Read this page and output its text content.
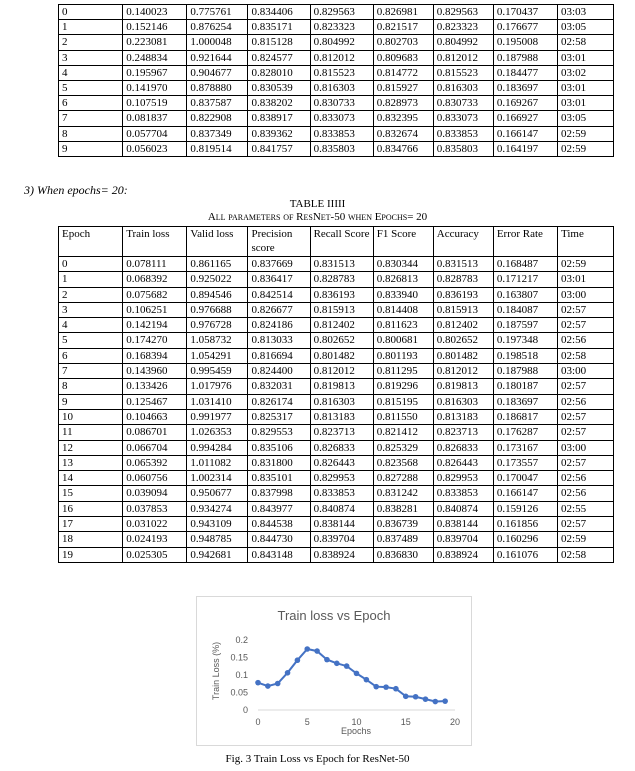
0	0.140023	0.775761	0.834406	0.829563	0.826981	0.829563	0.170437	03:03
1	0.152146	0.876254	0.835171	0.823323	0.821517	0.823323	0.176677	03:05
2	0.223081	1.000048	0.815128	0.804992	0.802703	0.804992	0.195008	02:58
3	0.248834	0.921644	0.824577	0.812012	0.809683	0.812012	0.187988	03:01
4	0.195967	0.904677	0.828010	0.815523	0.814772	0.815523	0.184477	03:02
5	0.141970	0.878880	0.830539	0.816303	0.815927	0.816303	0.183697	03:01
6	0.107519	0.837587	0.838202	0.830733	0.828973	0.830733	0.169267	03:01
7	0.081837	0.822908	0.838917	0.833073	0.832395	0.833073	0.166927	03:05
8	0.057704	0.837349	0.839362	0.833853	0.832674	0.833853	0.166147	02:59
9	0.056023	0.819514	0.841757	0.835803	0.834766	0.835803	0.164197	02:59
3) When epochs= 20:
TABLE IIIII
All parameters of ResNet-50 when Epochs= 20
Epoch	Train loss	Valid loss	Precision score	Recall Score	F1 Score	Accuracy	Error Rate	Time
0	0.078111	0.861165	0.837669	0.831513	0.830344	0.831513	0.168487	02:59
1	0.068392	0.925022	0.836417	0.828783	0.826813	0.828783	0.171217	03:01
2	0.075682	0.894546	0.842514	0.836193	0.833940	0.836193	0.163807	03:00
3	0.106251	0.976688	0.826677	0.815913	0.814408	0.815913	0.184087	02:57
4	0.142194	0.976728	0.824186	0.812402	0.811623	0.812402	0.187597	02:57
5	0.174270	1.058732	0.813033	0.802652	0.800681	0.802652	0.197348	02:56
6	0.168394	1.054291	0.816694	0.801482	0.801193	0.801482	0.198518	02:58
7	0.143960	0.995459	0.824400	0.812012	0.811295	0.812012	0.187988	03:00
8	0.133426	1.017976	0.832031	0.819813	0.819296	0.819813	0.180187	02:57
9	0.125467	1.031410	0.826174	0.816303	0.815195	0.816303	0.183697	02:56
10	0.104663	0.991977	0.825317	0.813183	0.811550	0.813183	0.186817	02:57
11	0.086701	1.026353	0.829553	0.823713	0.821412	0.823713	0.176287	02:57
12	0.066704	0.994284	0.835106	0.826833	0.825329	0.826833	0.173167	03:00
13	0.065392	1.011082	0.831800	0.826443	0.823568	0.826443	0.173557	02:57
14	0.060756	1.002314	0.835101	0.829953	0.827288	0.829953	0.170047	02:56
15	0.039094	0.950677	0.837998	0.833853	0.831242	0.833853	0.166147	02:56
16	0.037853	0.934274	0.843977	0.840874	0.838281	0.840874	0.159126	02:55
17	0.031022	0.943109	0.844538	0.838144	0.836739	0.838144	0.161856	02:57
18	0.024193	0.948785	0.844730	0.839704	0.837489	0.839704	0.160296	02:59
19	0.025305	0.942681	0.843148	0.838924	0.836830	0.838924	0.161076	02:58
Train loss vs Epoch
Train Loss (%)
Epochs
0
0.05
0.1
0.15
0.2
0	5	10	15	20
Fig. 3 Train Loss vs Epoch for ResNet-50
